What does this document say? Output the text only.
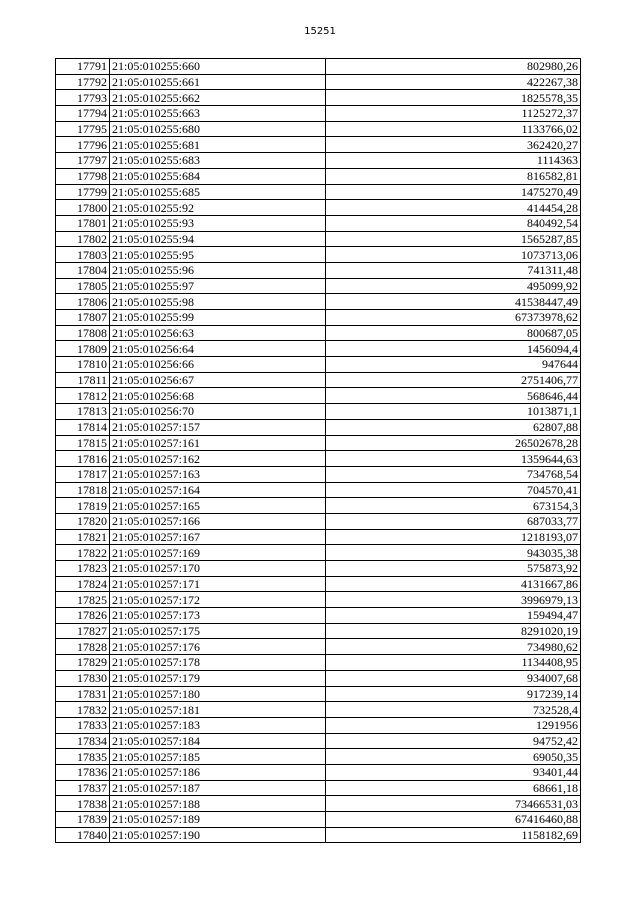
15251
17791	21:05:010255:660	802980,26
17792	21:05:010255:661	422267,38
17793	21:05:010255:662	1825578,35
17794	21:05:010255:663	1125272,37
17795	21:05:010255:680	1133766,02
17796	21:05:010255:681	362420,27
17797	21:05:010255:683	1114363
17798	21:05:010255:684	816582,81
17799	21:05:010255:685	1475270,49
17800	21:05:010255:92	414454,28
17801	21:05:010255:93	840492,54
17802	21:05:010255:94	1565287,85
17803	21:05:010255:95	1073713,06
17804	21:05:010255:96	741311,48
17805	21:05:010255:97	495099,92
17806	21:05:010255:98	41538447,49
17807	21:05:010255:99	67373978,62
17808	21:05:010256:63	800687,05
17809	21:05:010256:64	1456094,4
17810	21:05:010256:66	947644
17811	21:05:010256:67	2751406,77
17812	21:05:010256:68	568646,44
17813	21:05:010256:70	1013871,1
17814	21:05:010257:157	62807,88
17815	21:05:010257:161	26502678,28
17816	21:05:010257:162	1359644,63
17817	21:05:010257:163	734768,54
17818	21:05:010257:164	704570,41
17819	21:05:010257:165	673154,3
17820	21:05:010257:166	687033,77
17821	21:05:010257:167	1218193,07
17822	21:05:010257:169	943035,38
17823	21:05:010257:170	575873,92
17824	21:05:010257:171	4131667,86
17825	21:05:010257:172	3996979,13
17826	21:05:010257:173	159494,47
17827	21:05:010257:175	8291020,19
17828	21:05:010257:176	734980,62
17829	21:05:010257:178	1134408,95
17830	21:05:010257:179	934007,68
17831	21:05:010257:180	917239,14
17832	21:05:010257:181	732528,4
17833	21:05:010257:183	1291956
17834	21:05:010257:184	94752,42
17835	21:05:010257:185	69050,35
17836	21:05:010257:186	93401,44
17837	21:05:010257:187	68661,18
17838	21:05:010257:188	73466531,03
17839	21:05:010257:189	67416460,88
17840	21:05:010257:190	1158182,69
